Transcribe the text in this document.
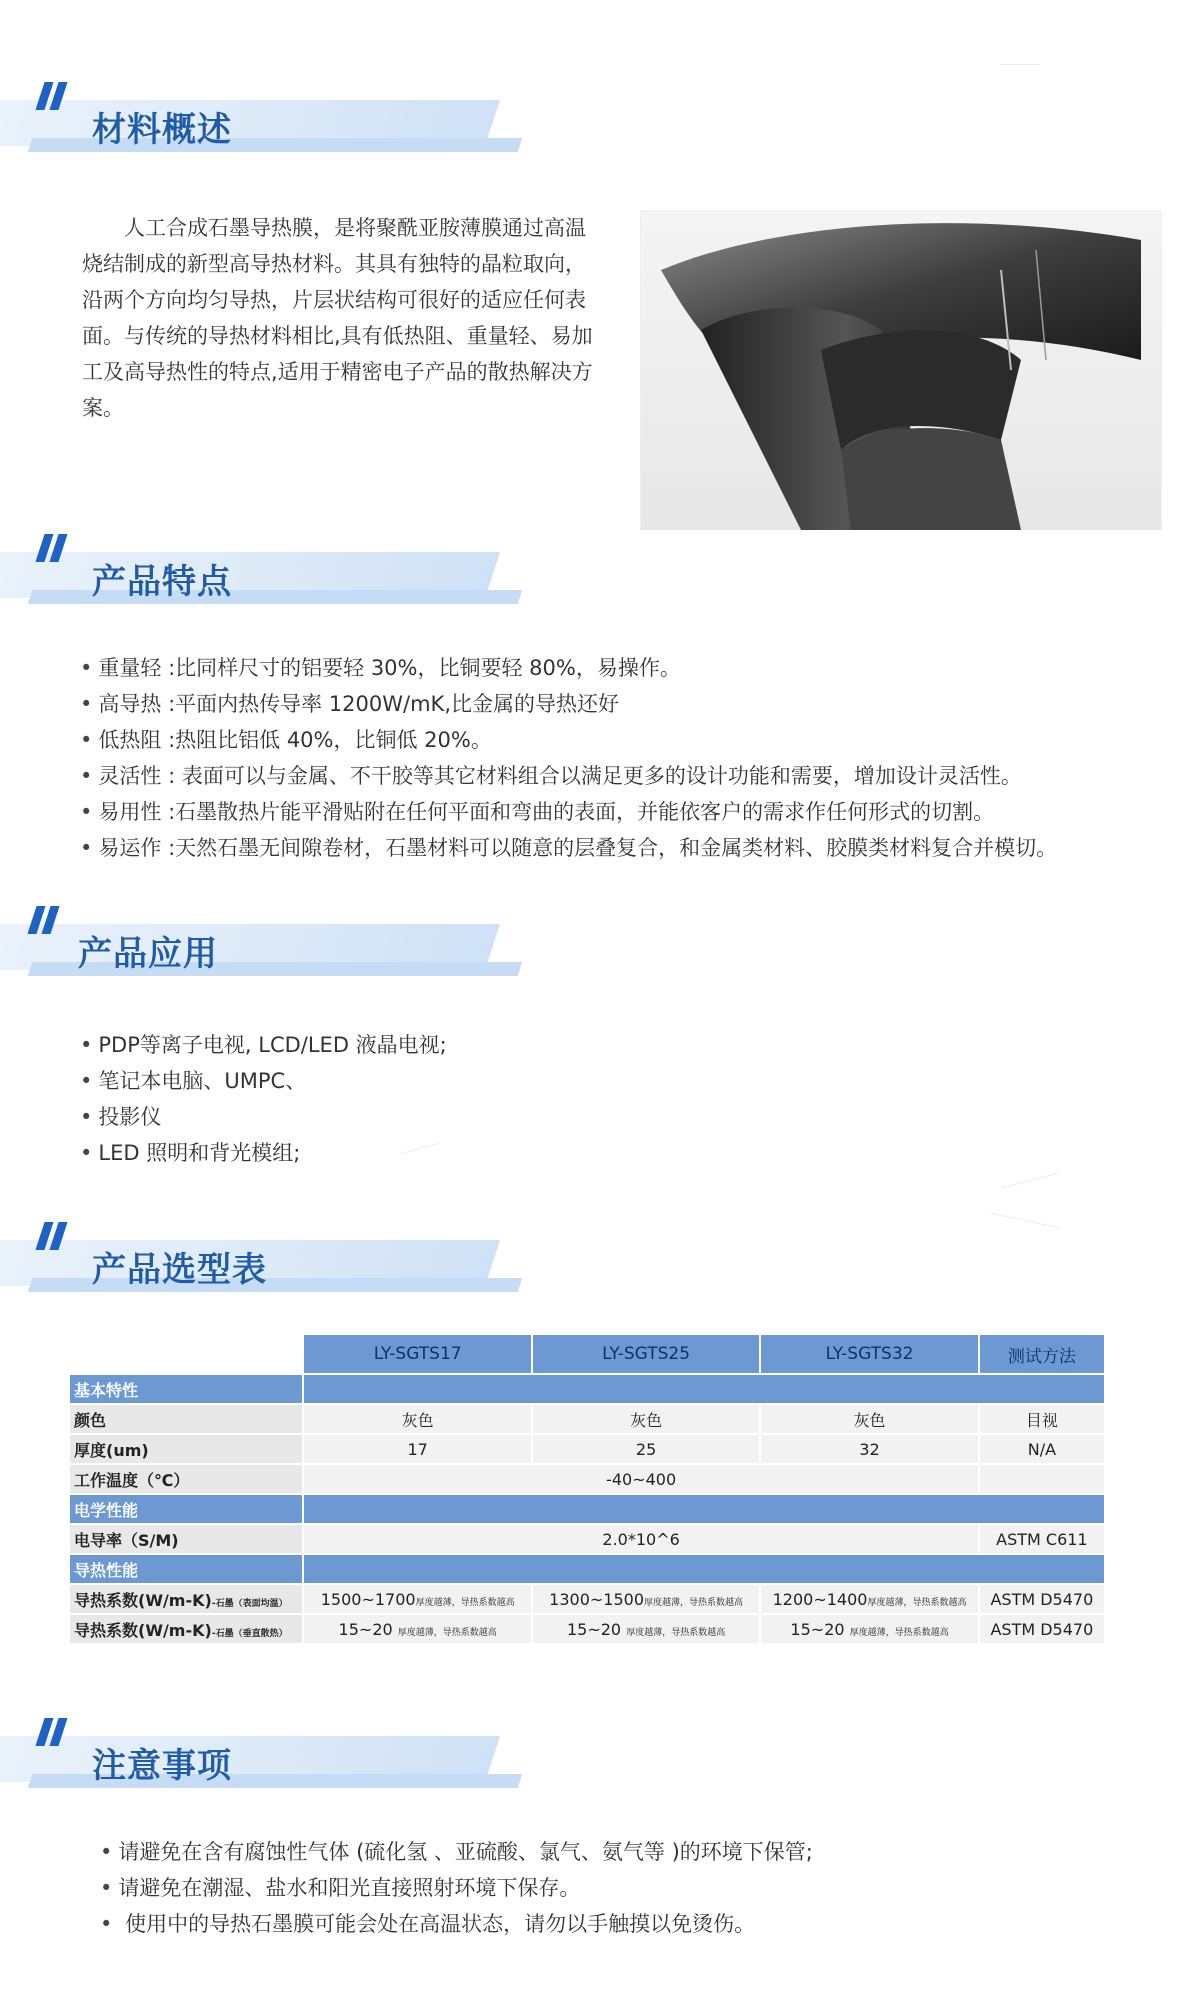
材料概述

人工合成石墨导热膜，是将聚酰亚胺薄膜通过高温烧结制成的新型高导热材料。其具有独特的晶粒取向，沿两个方向均匀导热，片层状结构可很好的适应任何表面。与传统的导热材料相比,具有低热阻、重量轻、易加工及高导热性的特点,适用于精密电子产品的散热解决方案。

产品特点
• 重量轻 :比同样尺寸的铝要轻 30%，比铜要轻 80%，易操作。
• 高导热 :平面内热传导率 1200W/mK,比金属的导热还好
• 低热阻 :热阻比铝低 40%，比铜低 20%。
• 灵活性 : 表面可以与金属、不干胶等其它材料组合以满足更多的设计功能和需要，增加设计灵活性。
• 易用性 :石墨散热片能平滑贴附在任何平面和弯曲的表面，并能依客户的需求作任何形式的切割。
• 易运作 :天然石墨无间隙卷材，石墨材料可以随意的层叠复合，和金属类材料、胶膜类材料复合并模切。
产品应用
• PDP等离子电视, LCD/LED 液晶电视;
• 笔记本电脑、UMPC、
• 投影仪
• LED 照明和背光模组;
产品选型表
	LY-SGTS17	LY-SGTS25	LY-SGTS32	测试方法
基本特性				
颜色	灰色	灰色	灰色	目视
厚度(um)	17	25	32	N/A
工作温度（℃）	-40~400			
电学性能				
电导率（S/M)	2.0*10^6			ASTM C611
导热性能				
导热系数(W/m-K)-石墨（表面均温）	1500~1700厚度越薄，导热系数越高	1300~1500厚度越薄，导热系数越高	1200~1400厚度越薄，导热系数越高	ASTM D5470
导热系数(W/m-K)-石墨（垂直散热）	15~20 厚度越薄，导热系数越高	15~20 厚度越薄，导热系数越高	15~20 厚度越薄，导热系数越高	ASTM D5470
注意事项
• 请避免在含有腐蚀性气体 (硫化氢 、亚硫酸、氯气、氨气等 )的环境下保管;
• 请避免在潮湿、盐水和阳光直接照射环境下保存。
• 使用中的导热石墨膜可能会处在高温状态，请勿以手触摸以免烫伤。
